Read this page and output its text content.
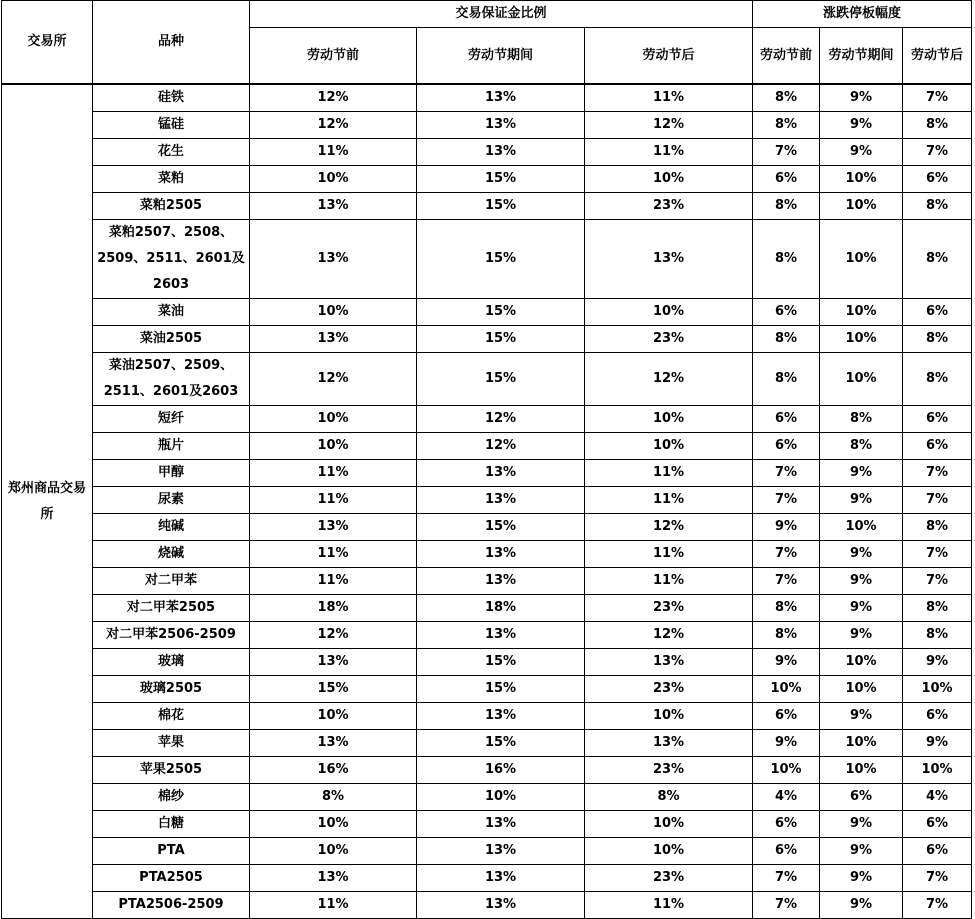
交易所	品种	交易保证金比例			涨跌停板幅度		
		劳动节前	劳动节期间	劳动节后	劳动节前	劳动节期间	劳动节后
郑州商品交易所	硅铁	12%	13%	11%	8%	9%	7%
	锰硅	12%	13%	12%	8%	9%	8%
	花生	11%	13%	11%	7%	9%	7%
	菜粕	10%	15%	10%	6%	10%	6%
	菜粕2505	13%	15%	23%	8%	10%	8%
	菜粕2507、2508、2509、2511、2601及2603	13%	15%	13%	8%	10%	8%
	菜油	10%	15%	10%	6%	10%	6%
	菜油2505	13%	15%	23%	8%	10%	8%
	菜油2507、2509、2511、2601及2603	12%	15%	12%	8%	10%	8%
	短纤	10%	12%	10%	6%	8%	6%
	瓶片	10%	12%	10%	6%	8%	6%
	甲醇	11%	13%	11%	7%	9%	7%
	尿素	11%	13%	11%	7%	9%	7%
	纯碱	13%	15%	12%	9%	10%	8%
	烧碱	11%	13%	11%	7%	9%	7%
	对二甲苯	11%	13%	11%	7%	9%	7%
	对二甲苯2505	18%	18%	23%	8%	9%	8%
	对二甲苯2506-2509	12%	13%	12%	8%	9%	8%
	玻璃	13%	15%	13%	9%	10%	9%
	玻璃2505	15%	15%	23%	10%	10%	10%
	棉花	10%	13%	10%	6%	9%	6%
	苹果	13%	15%	13%	9%	10%	9%
	苹果2505	16%	16%	23%	10%	10%	10%
	棉纱	8%	10%	8%	4%	6%	4%
	白糖	10%	13%	10%	6%	9%	6%
	PTA	10%	13%	10%	6%	9%	6%
	PTA2505	13%	13%	23%	7%	9%	7%
	PTA2506-2509	11%	13%	11%	7%	9%	7%
